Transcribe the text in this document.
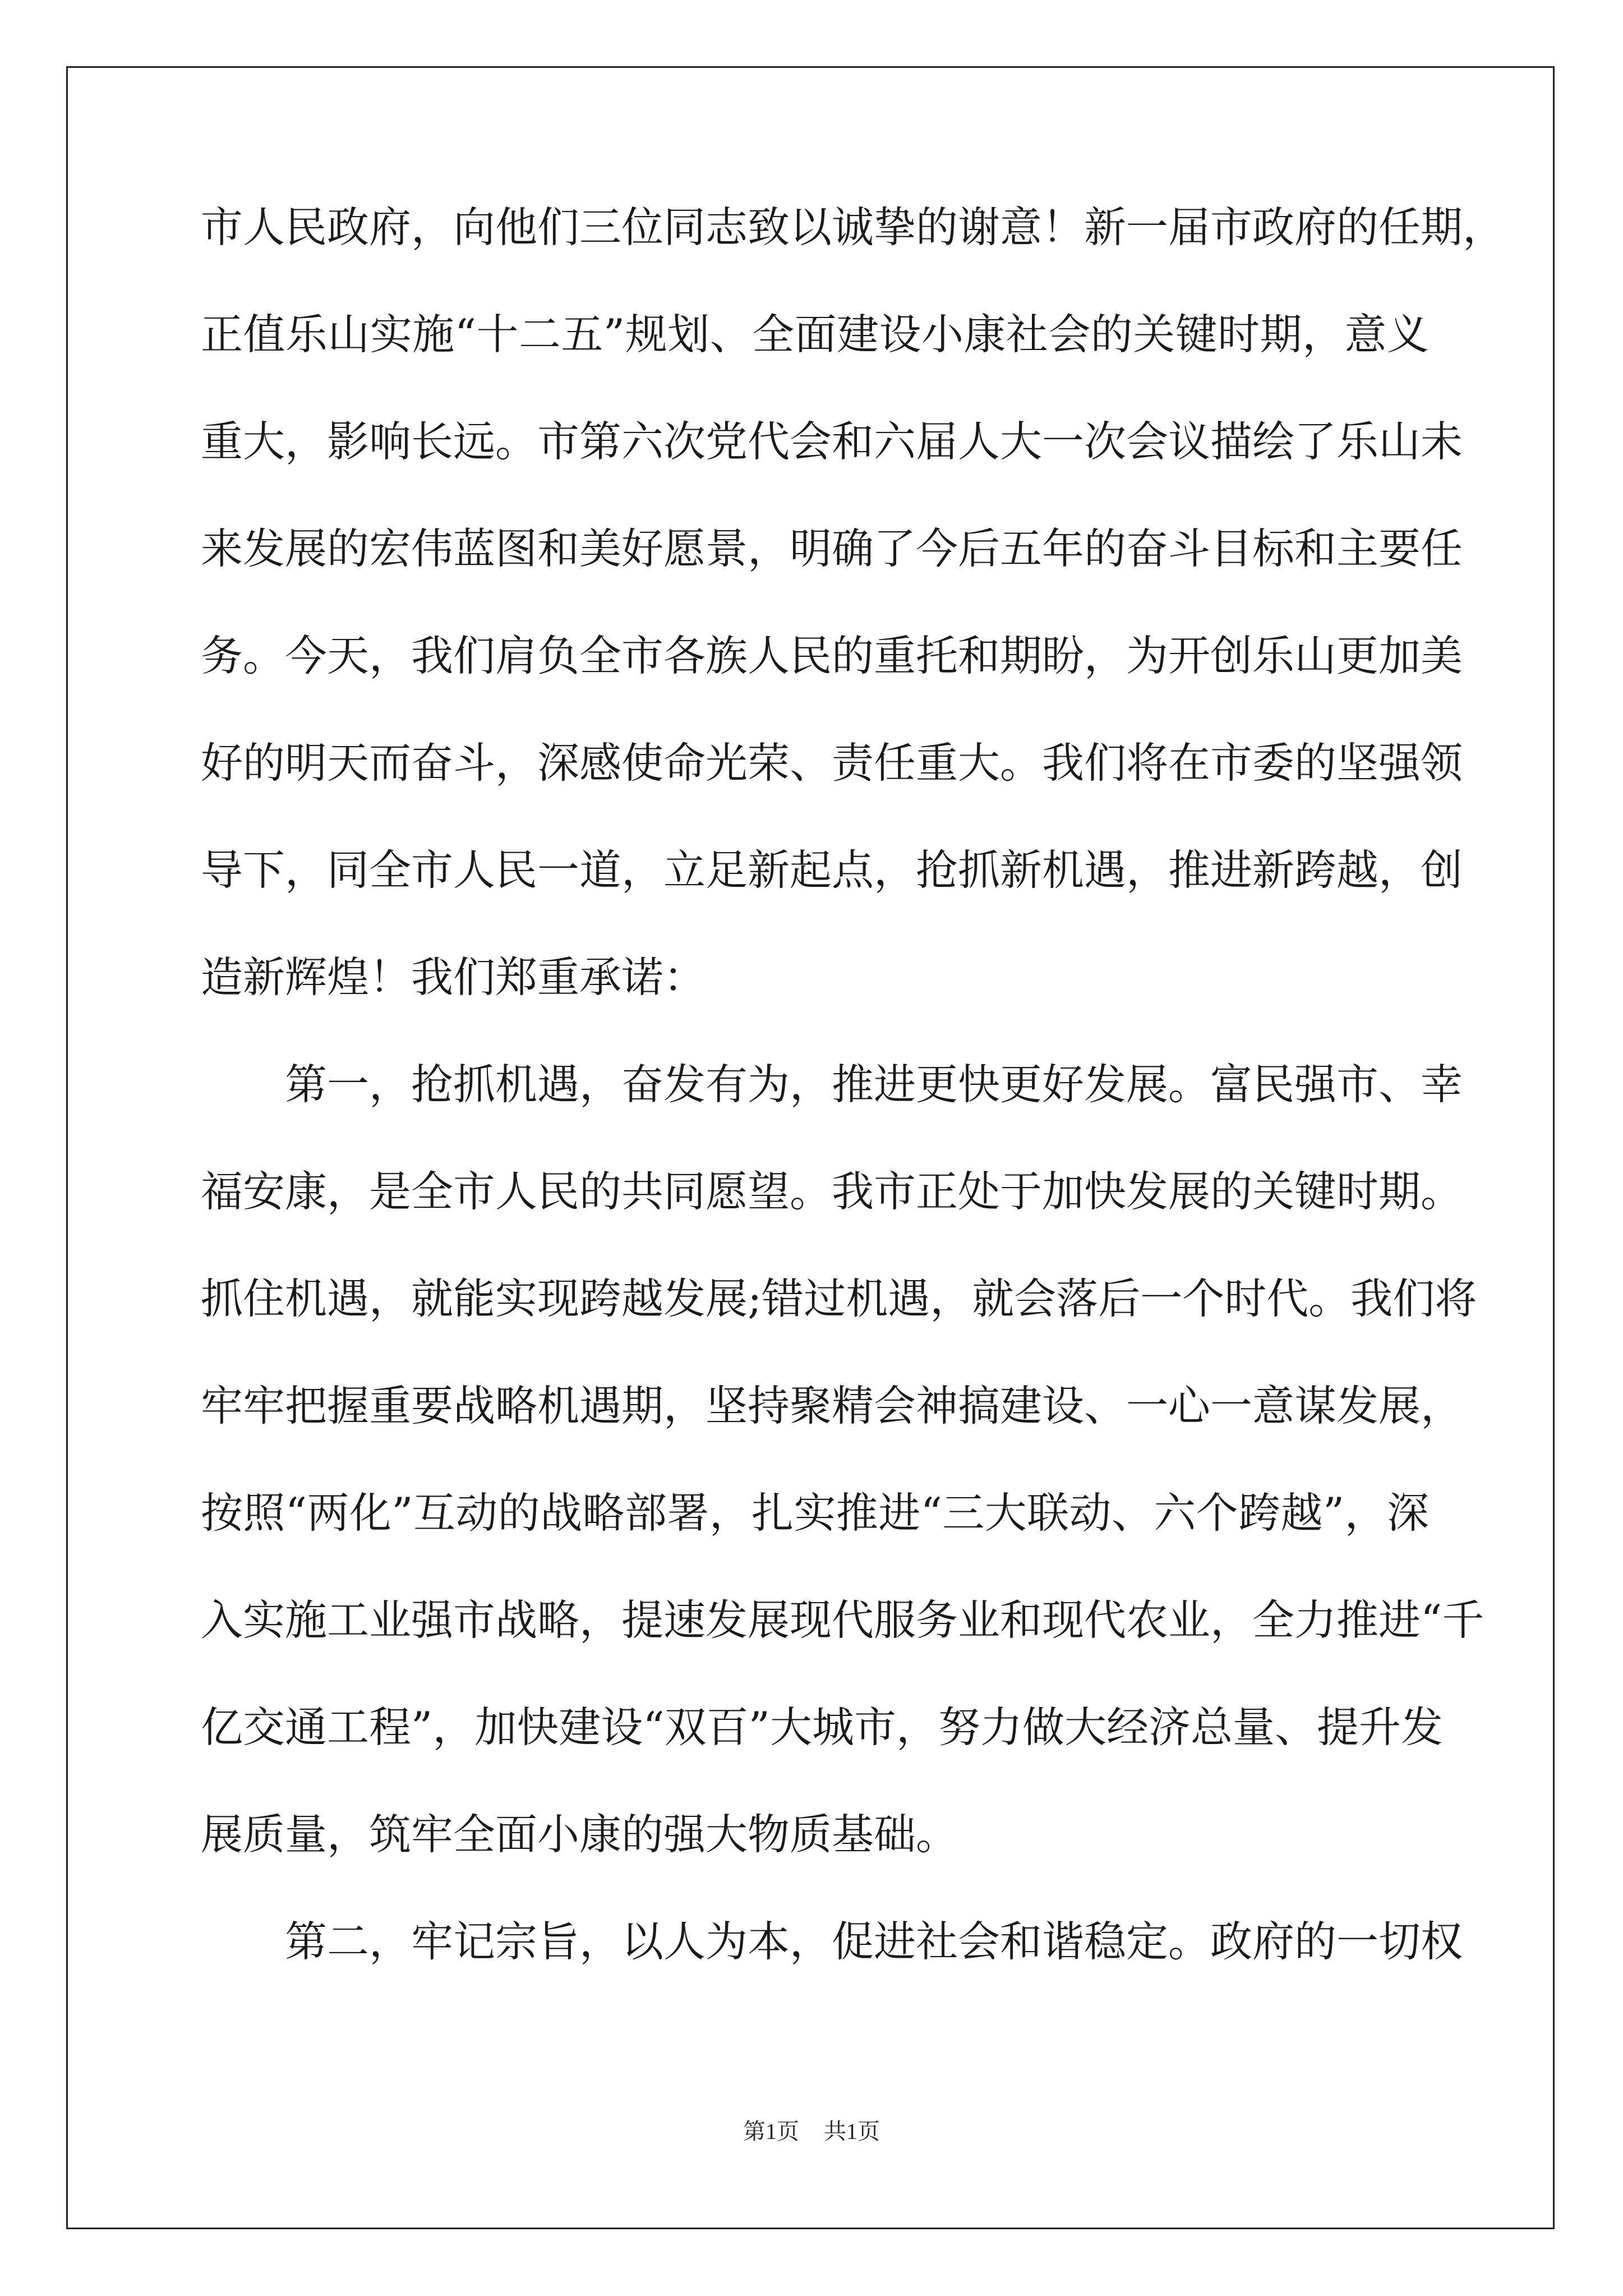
市人民政府，向他们三位同志致以诚挚的谢意！新一届市政府的任期，
正值乐山实施“十二五”规划、全面建设小康社会的关键时期，意义
重大，影响长远。市第六次党代会和六届人大一次会议描绘了乐山未
来发展的宏伟蓝图和美好愿景，明确了今后五年的奋斗目标和主要任
务。今天，我们肩负全市各族人民的重托和期盼，为开创乐山更加美
好的明天而奋斗，深感使命光荣、责任重大。我们将在市委的坚强领
导下，同全市人民一道，立足新起点，抢抓新机遇，推进新跨越，创
造新辉煌！我们郑重承诺：
第一，抢抓机遇，奋发有为，推进更快更好发展。富民强市、幸
福安康，是全市人民的共同愿望。我市正处于加快发展的关键时期。
抓住机遇，就能实现跨越发展;错过机遇，就会落后一个时代。我们将
牢牢把握重要战略机遇期，坚持聚精会神搞建设、一心一意谋发展，
按照“两化”互动的战略部署，扎实推进“三大联动、六个跨越”，深
入实施工业强市战略，提速发展现代服务业和现代农业，全力推进“千
亿交通工程”，加快建设“双百”大城市，努力做大经济总量、提升发
展质量，筑牢全面小康的强大物质基础。
第二，牢记宗旨，以人为本，促进社会和谐稳定。政府的一切权
第1页 共1页
